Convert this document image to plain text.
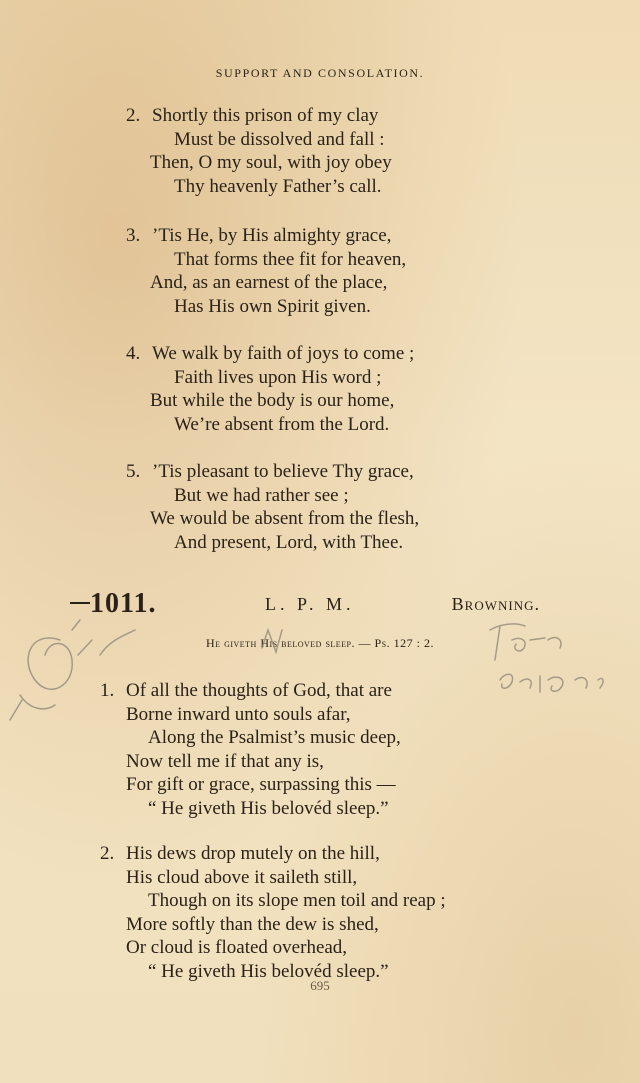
SUPPORT AND CONSOLATION.
2. Shortly this prison of my clay
Must be dissolved and fall :
Then, O my soul, with joy obey
Thy heavenly Father’s call.
3. ’Tis He, by His almighty grace,
That forms thee fit for heaven,
And, as an earnest of the place,
Has His own Spirit given.
4. We walk by faith of joys to come ;
Faith lives upon His word ;
But while the body is our home,
We’re absent from the Lord.
5. ’Tis pleasant to believe Thy grace,
But we had rather see ;
We would be absent from the flesh,
And present, Lord, with Thee.
1011.	L. P. M.	Browning.
He giveth His beloved sleep. — Ps. 127 : 2.
1. Of all the thoughts of God, that are
Borne inward unto souls afar,
Along the Psalmist’s music deep,
Now tell me if that any is,
For gift or grace, surpassing this —
“ He giveth His belovéd sleep.”
2. His dews drop mutely on the hill,
His cloud above it saileth still,
Though on its slope men toil and reap ;
More softly than the dew is shed,
Or cloud is floated overhead,
“ He giveth His belovéd sleep.”
695
